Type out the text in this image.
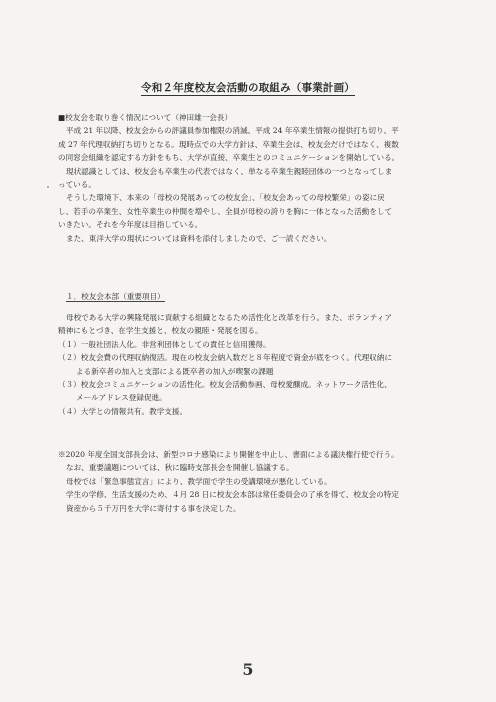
令和２年度校友会活動の取組み（事業計画）
■校友会を取り巻く情況について（神田雄一会長）
平成 21 年以降、校友会からの評議員参加権限の消滅、平成 24 年卒業生情報の提供打ち切り、平
成 27 年代理収納打ち切りとなる。現時点での大学方針は、卒業生会は、校友会だけではなく、複数
の同窓会組織を認定する方針をもち、大学が直接、卒業生とのコミュニケーションを開始している。
現状認識としては、校友会も卒業生の代表ではなく、単なる卒業生親睦団体の一つとなってしま
っている。
そうした環境下、本来の「母校の発展あっての校友会」、「校友会あっての母校繁栄」の姿に戻
し、若手の卒業生、女性卒業生の仲間を増やし、全員が母校の誇りを胸に一体となった活動をして
いきたい。それを今年度は目指している。
また、東洋大学の現状については資料を添付しましたので、ご一読ください。
１．校友会本部（重要項目）
母校である大学の興隆発展に貢献する組織となるため活性化と改革を行う。また、ボランティア
精神にもとづき、在学生支援と、校友の親睦・発展を図る。
（１）一般社団法人化。非営利団体としての責任と信用獲得。
（２）校友会費の代理収納復活。現在の校友会納入数だと８年程度で資金が底をつく。代理収納に
よる新卒者の加入と支部による既卒者の加入が喫緊の課題
（３）校友会コミュニケーションの活性化。校友会活動参画、母校愛醸成。ネットワーク活性化、
メールアドレス登録促進。
（４）大学との情報共有。教学支援。
※2020 年度全国支部長会は、新型コロナ感染により開催を中止し、書面による議決権行使で行う。
なお、重要議題については、秋に臨時支部長会を開催し協議する。
母校では「緊急事態宣言」により、教学面で学生の受講環境が悪化している。
学生の学修、生活支援のため、４月 28 日に校友会本部は常任委員会の了承を得て、校友会の特定
資産から５千万円を大学に寄付する事を決定した。
5
